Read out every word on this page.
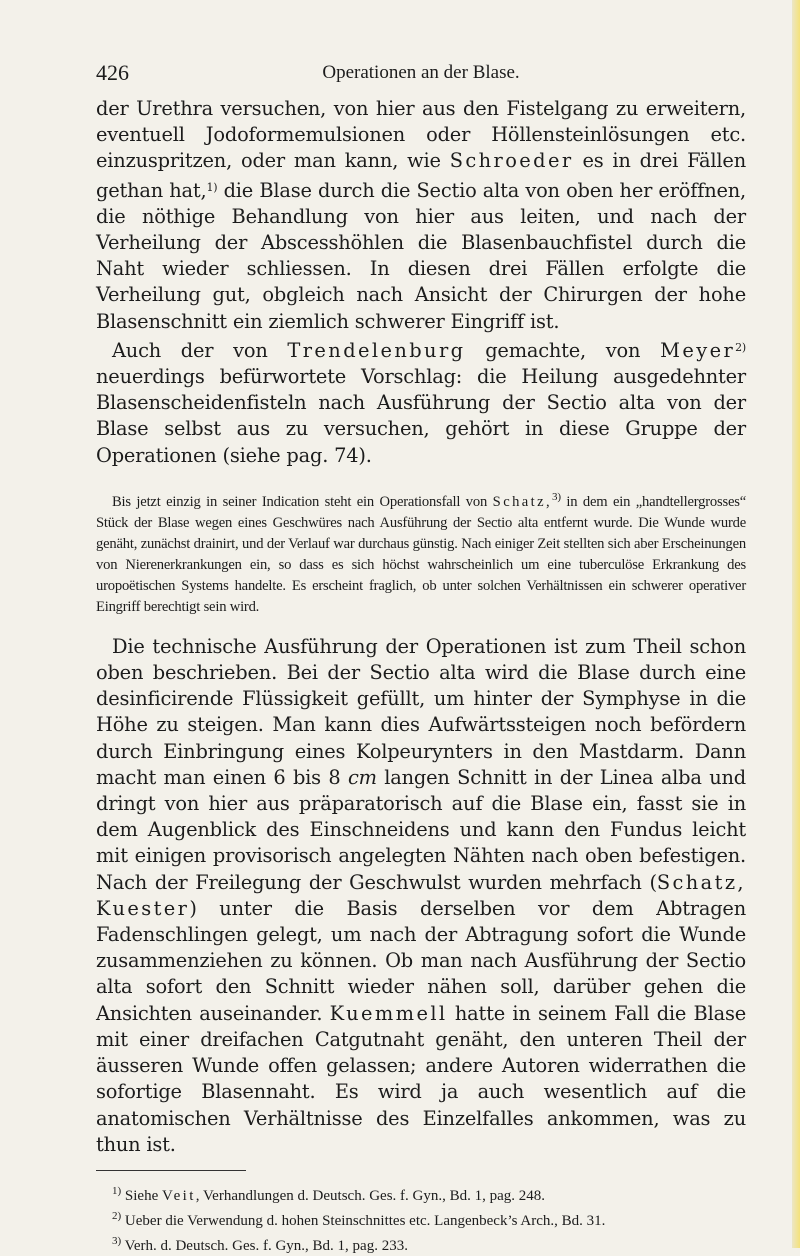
426	Operationen an der Blase.

der Urethra versuchen, von hier aus den Fistelgang zu erweitern, eventuell Jodoformemulsionen oder Höllensteinlösungen etc. einzuspritzen, oder man kann, wie Schroeder es in drei Fällen gethan hat,$^{1)}$ die Blase durch die Sectio alta von oben her eröffnen, die nöthige Behandlung von hier aus leiten, und nach der Verheilung der Abscesshöhlen die Blasenbauchfistel durch die Naht wieder schliessen. In diesen drei Fällen erfolgte die Verheilung gut, obgleich nach Ansicht der Chirurgen der hohe Blasenschnitt ein ziemlich schwerer Eingriff ist.

Auch der von Trendelenburg gemachte, von Meyer$^{2)}$ neuerdings befürwortete Vorschlag: die Heilung ausgedehnter Blasenscheidenfisteln nach Ausführung der Sectio alta von der Blase selbst aus zu versuchen, gehört in diese Gruppe der Operationen (siehe pag. 74).

Bis jetzt einzig in seiner Indication steht ein Operationsfall von Schatz,$^{3)}$ in dem ein „handtellergrosses“ Stück der Blase wegen eines Geschwüres nach Ausführung der Sectio alta entfernt wurde. Die Wunde wurde genäht, zunächst drainirt, und der Verlauf war durchaus günstig. Nach einiger Zeit stellten sich aber Erscheinungen von Nierenerkrankungen ein, so dass es sich höchst wahrscheinlich um eine tuberculöse Erkrankung des uropoëtischen Systems handelte. Es erscheint fraglich, ob unter solchen Verhältnissen ein schwerer operativer Eingriff berechtigt sein wird.

Die technische Ausführung der Operationen ist zum Theil schon oben beschrieben. Bei der Sectio alta wird die Blase durch eine desinficirende Flüssigkeit gefüllt, um hinter der Symphyse in die Höhe zu steigen. Man kann dies Aufwärtssteigen noch befördern durch Einbringung eines Kolpeurynters in den Mastdarm. Dann macht man einen 6 bis 8 cm langen Schnitt in der Linea alba und dringt von hier aus präparatorisch auf die Blase ein, fasst sie in dem Augenblick des Einschneidens und kann den Fundus leicht mit einigen provisorisch angelegten Nähten nach oben befestigen. Nach der Freilegung der Geschwulst wurden mehrfach (Schatz, Kuester) unter die Basis derselben vor dem Abtragen Fadenschlingen gelegt, um nach der Abtragung sofort die Wunde zusammenziehen zu können. Ob man nach Ausführung der Sectio alta sofort den Schnitt wieder nähen soll, darüber gehen die Ansichten auseinander. Kuemmell hatte in seinem Fall die Blase mit einer dreifachen Catgutnaht genäht, den unteren Theil der äusseren Wunde offen gelassen; andere Autoren widerrathen die sofortige Blasennaht. Es wird ja auch wesentlich auf die anatomischen Verhältnisse des Einzelfalles ankommen, was zu thun ist.

$^{1)}$ Siehe Veit, Verhandlungen d. Deutsch. Ges. f. Gyn., Bd. 1, pag. 248.

$^{2)}$ Ueber die Verwendung d. hohen Steinschnittes etc. Langenbeck’s Arch., Bd. 31.

$^{3)}$ Verh. d. Deutsch. Ges. f. Gyn., Bd. 1, pag. 233.
